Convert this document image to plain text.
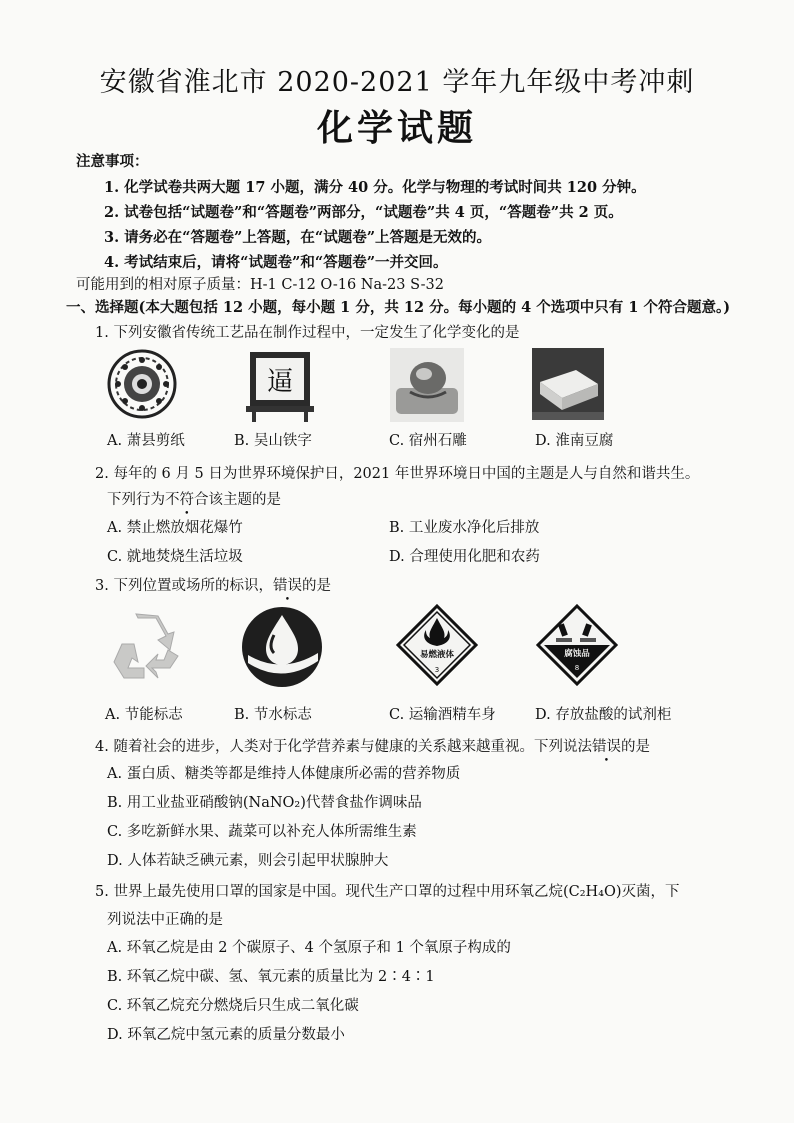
安徽省淮北市 2020-2021 学年九年级中考冲刺
化学试题
注意事项：
1. 化学试卷共两大题 17 小题，满分 40 分。化学与物理的考试时间共 120 分钟。
2. 试卷包括“试题卷”和“答题卷”两部分，“试题卷”共 4 页，“答题卷”共 2 页。
3. 请务必在“答题卷”上答题，在“试题卷”上答题是无效的。
4. 考试结束后，请将“试题卷”和“答题卷”一并交回。
可能用到的相对原子质量：H-1 C-12 O-16 Na-23 S-32
一、选择题(本大题包括 12 小题，每小题 1 分，共 12 分。每小题的 4 个选项中只有 1 个符合题意。)
1. 下列安徽省传统工艺品在制作过程中，一定发生了化学变化的是
逼
A. 萧县剪纸	B. 吴山铁字	C. 宿州石雕	D. 淮南豆腐
2. 每年的 6 月 5 日为世界环境保护日，2021 年世界环境日中国的主题是人与自然和谐共生。
下列行为不符合该主题的是
A. 禁止燃放烟花爆竹	B. 工业废水净化后排放
C. 就地焚烧生活垃圾	D. 合理使用化肥和农药
3. 下列位置或场所的标识，错误的是
易燃液体
3
腐蚀品
8
A. 节能标志	B. 节水标志	C. 运输酒精车身	D. 存放盐酸的试剂柜
4. 随着社会的进步，人类对于化学营养素与健康的关系越来越重视。下列说法错误的是
A. 蛋白质、糖类等都是维持人体健康所必需的营养物质
B. 用工业盐亚硝酸钠(NaNO₂)代替食盐作调味品
C. 多吃新鲜水果、蔬菜可以补充人体所需维生素
D. 人体若缺乏碘元素，则会引起甲状腺肿大
5. 世界上最先使用口罩的国家是中国。现代生产口罩的过程中用环氧乙烷(C₂H₄O)灭菌，下
列说法中正确的是
A. 环氧乙烷是由 2 个碳原子、4 个氢原子和 1 个氧原子构成的
B. 环氧乙烷中碳、氢、氧元素的质量比为 2∶4∶1
C. 环氧乙烷充分燃烧后只生成二氧化碳
D. 环氧乙烷中氢元素的质量分数最小
